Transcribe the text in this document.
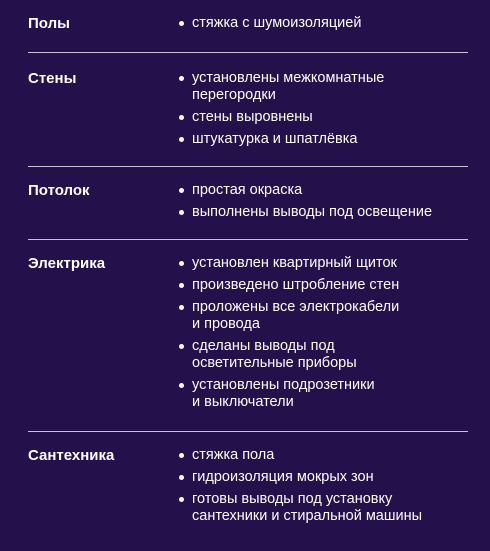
Полы	стяжка с шумоизоляцией
Стены	установлены межкомнатные
перегородки
стены выровнены
штукатурка и шпатлёвка
Потолок	простая окраска
выполнены выводы под освещение
Электрика	установлен квартирный щиток
произведено штробление стен
проложены все электрокабели
и провода
сделаны выводы под
осветительные приборы
установлены подрозетники
и выключатели
Сантехника	стяжка пола
гидроизоляция мокрых зон
готовы выводы под установку
сантехники и стиральной машины
